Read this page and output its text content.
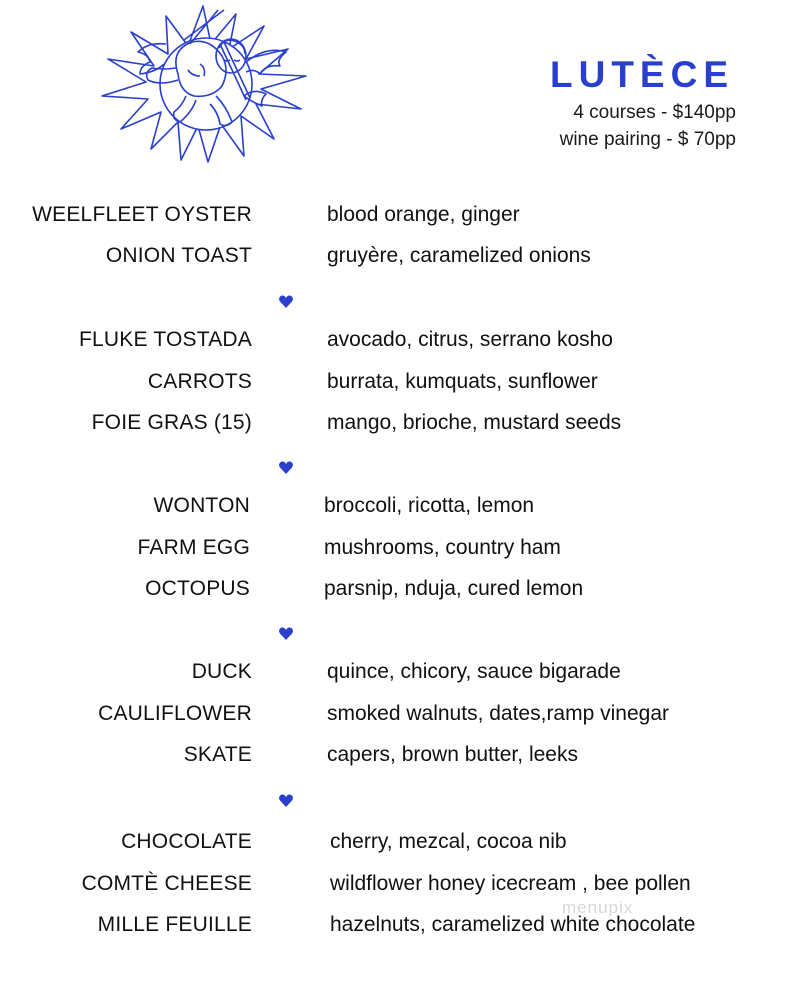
LUTÈCE
4 courses - $140pp
wine pairing - $ 70pp
WEELFLEET OYSTER	blood orange, ginger
ONION TOAST	gruyère, caramelized onions
FLUKE TOSTADA	avocado, citrus, serrano kosho
CARROTS	burrata, kumquats, sunflower
FOIE GRAS (15)	mango, brioche, mustard seeds
WONTON	broccoli, ricotta, lemon
FARM EGG	mushrooms, country ham
OCTOPUS	parsnip, nduja, cured lemon
DUCK	quince, chicory, sauce bigarade
CAULIFLOWER	smoked walnuts, dates,ramp vinegar
SKATE	capers, brown butter, leeks
CHOCOLATE	cherry, mezcal, cocoa nib
COMTÈ CHEESE	wildflower honey icecream , bee pollen
MILLE FEUILLE	hazelnuts, caramelized white chocolate
menupix
